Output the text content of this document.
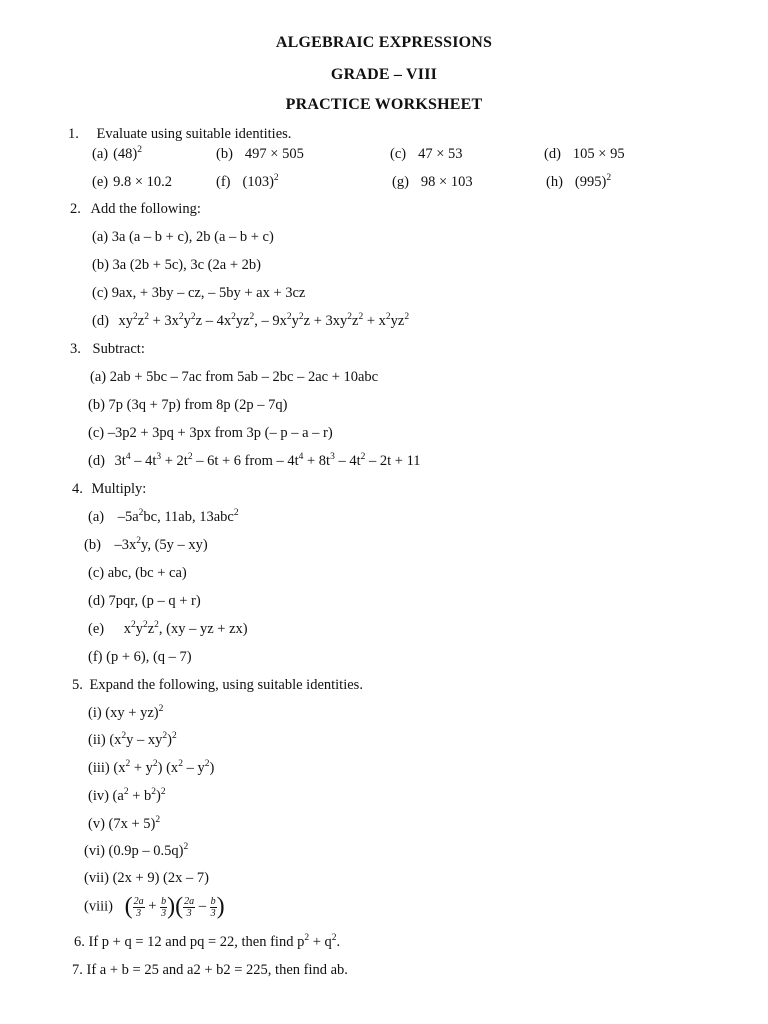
ALGEBRAIC EXPRESSIONS
GRADE – VIII
PRACTICE WORKSHEET
1. Evaluate using suitable identities.
(a) $(48)^2$	(b) 497 × 505	(c) 47 × 53	(d) 105 × 95
(e) 9.8 × 10.2	(f) $(103)^2$	(g) 98 × 103	(h) $(995)^2$
2. Add the following:
(a) 3a (a – b + c), 2b (a – b + c)
(b) 3a (2b + 5c), 3c (2a + 2b)
(c) 9ax, + 3by – cz, – 5by + ax + 3cz
(d) $xy^2z^2 + 3x^2y^2z - 4x^2yz^2$, – $9x^2y^2z + 3xy^2z^2 + x^2yz^2$
3. Subtract:
(a) 2ab + 5bc – 7ac from 5ab – 2bc – 2ac + 10abc
(b) 7p (3q + 7p) from 8p (2p – 7q)
(c) –3p2 + 3pq + 3px from 3p (– p – a – r)
(d) $3t^4 - 4t^3 + 2t^2 - 6t + 6$ from – $4t^4 + 8t^3 - 4t^2 - 2t + 11$
4. Multiply:
(a) $-5a^2bc$, 11ab, 13abc$^2$
(b) $-3x^2y$, (5y – xy)
(c) abc, (bc + ca)
(d) 7pqr, (p – q + r)
(e) $x^2y^2z^2$, (xy – yz + zx)
(f) (p + 6), (q – 7)
5. Expand the following, using suitable identities.
(i) (xy + yz)$^2$
(ii) $(x^2y - xy^2)^2$
(iii) $(x^2 + y^2)$ $(x^2 - y^2)$
(iv) $(a^2 + b^2)^2$
(v) $(7x + 5)^2$
(vi) (0.9p – 0.5q)$^2$
(vii) (2x + 9) (2x – 7)
(viii) ( $\frac{2a}{3} + \frac{b}{3}$ )( $\frac{2a}{3} - \frac{b}{3}$ )
6. If p + q = 12 and pq = 22, then find $p^2 + q^2$.
7. If a + b = 25 and a2 + b2 = 225, then find ab.
